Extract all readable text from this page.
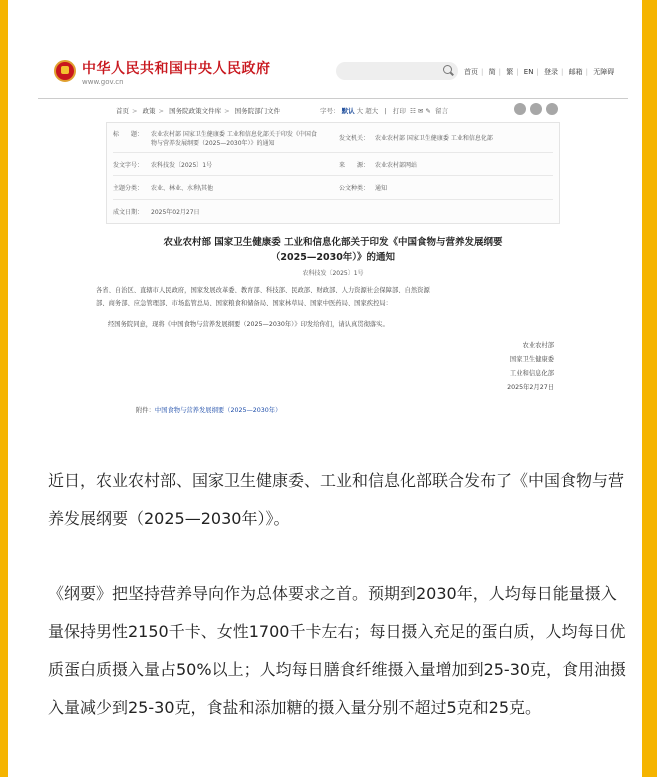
中华人民共和国中央人民政府
www.gov.cn
首页 | 简 | 繁 | EN | 登录 | 邮箱 | 无障碍
首页 > 政策 > 国务院政策文件库 > 国务院部门文件	字号： 默认 大 超大   |   打印  ☷ ✉ ✎  留言
标　　题： 农业农村部 国家卫生健康委 工业和信息化部关于印发《中国食
物与营养发展纲要（2025—2030年）》的通知
发文机关： 农业农村部 国家卫生健康委 工业和信息化部
发文字号： 农科技发〔2025〕1号	来　　源： 农业农村部网站
主题分类： 农业、林业、水利\其他	公文种类： 通知
成文日期： 2025年02月27日
农业农村部 国家卫生健康委 工业和信息化部关于印发《中国食物与营养发展纲要
（2025—2030年）》的通知
农科技发〔2025〕1号
各省、自治区、直辖市人民政府，国家发展改革委、教育部、科技部、民政部、财政部、人力资源社会保障部、自然资源
部、商务部、应急管理部、市场监管总局、国家粮食和储备局、国家林草局、国家中医药局、国家疾控局：
经国务院同意，现将《中国食物与营养发展纲要（2025—2030年）》印发给你们，请认真贯彻落实。
农业农村部
国家卫生健康委
工业和信息化部
2025年2月27日
附件：中国食物与营养发展纲要（2025—2030年）

近日，农业农村部、国家卫生健康委、工业和信息化部联合发布了《中国食物与营养发展纲要（2025—2030年）》。

《纲要》把坚持营养导向作为总体要求之首。预期到2030年，人均每日能量摄入量保持男性2150千卡、女性1700千卡左右；每日摄入充足的蛋白质，人均每日优质蛋白质摄入量占50%以上；人均每日膳食纤维摄入量增加到25-30克，食用油摄入量减少到25-30克，食盐和添加糖的摄入量分别不超过5克和25克。
